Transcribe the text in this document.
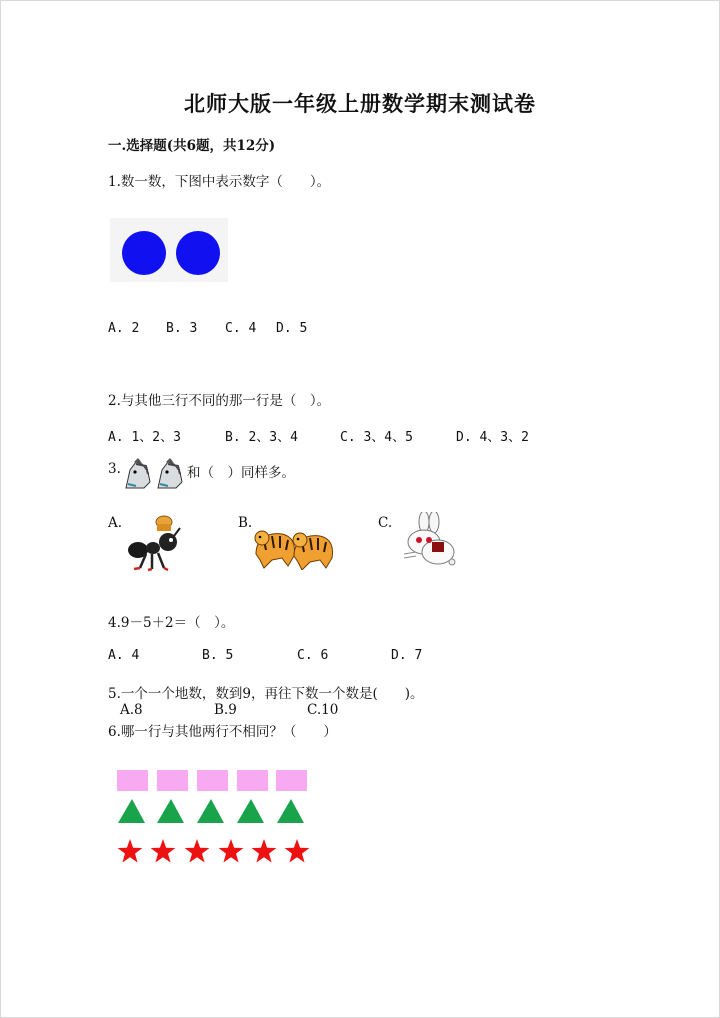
北师大版一年级上册数学期末测试卷
一.选择题(共6题，共12分)
1.数一数，下图中表示数字（　　）。
A. 2 B. 3 C. 4 D. 5
2.与其他三行不同的那一行是（　）。
A. 1、2、3	B. 2、3、4	C. 3、4、5	D. 4、3、2
3.	和（　）同样多。
A.	B.	C.
4.9－5＋2＝（　）。
A. 4	B. 5	C. 6	D. 7
5.一个一个地数，数到9，再往下数一个数是(　　)。
A.8	B.9	C.10
6.哪一行与其他两行不相同？（　　）
